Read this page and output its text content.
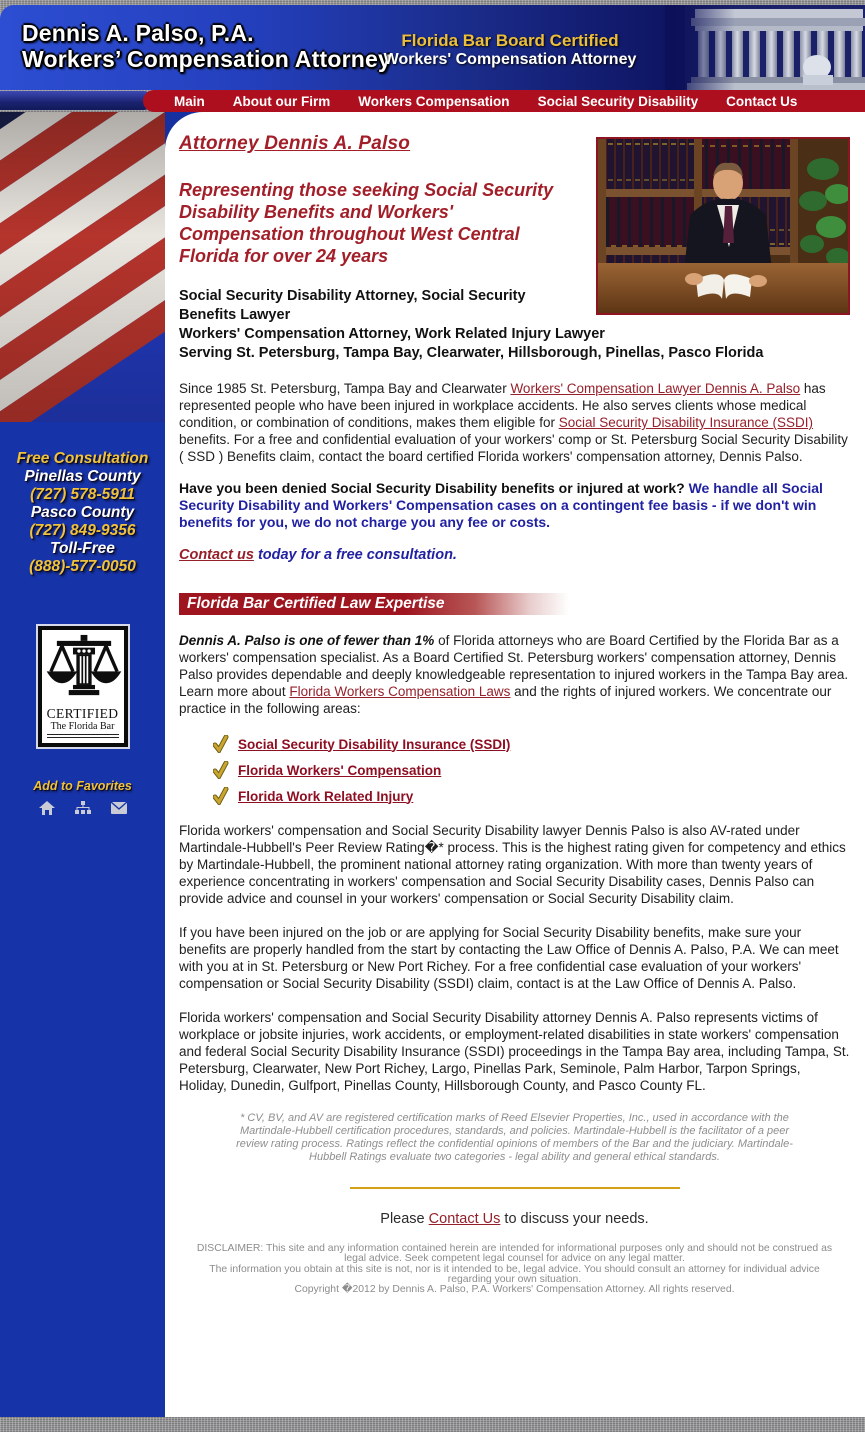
Dennis A. Palso, P.A.
Workers’ Compensation Attorney
Florida Bar Board Certified
Workers' Compensation Attorney
Main	About our Firm	Workers Compensation	Social Security Disability	Contact Us
Free Consultation
Pinellas County
(727) 578-5911
Pasco County
(727) 849-9356
Toll-Free
(888)-577-0050
CERTIFIED
The Florida Bar
Add to Favorites
Attorney Dennis A. Palso

Representing those seeking Social Security Disability Benefits and Workers' Compensation throughout West Central Florida for over 24 years

Social Security Disability Attorney, Social Security Benefits Lawyer
Workers' Compensation Attorney, Work Related Injury Lawyer
Serving St. Petersburg, Tampa Bay, Clearwater, Hillsborough, Pinellas, Pasco Florida

Since 1985 St. Petersburg, Tampa Bay and Clearwater Workers' Compensation Lawyer Dennis A. Palso has represented people who have been injured in workplace accidents. He also serves clients whose medical condition, or combination of conditions, makes them eligible for Social Security Disability Insurance (SSDI) benefits. For a free and confidential evaluation of your workers' comp or St. Petersburg Social Security Disability ( SSD ) Benefits claim, contact the board certified Florida workers' compensation attorney, Dennis Palso.

Have you been denied Social Security Disability benefits or injured at work? We handle all Social Security Disability and Workers' Compensation cases on a contingent fee basis - if we don't win benefits for you, we do not charge you any fee or costs.

Contact us today for a free consultation.

Florida Bar Certified Law Expertise

Dennis A. Palso is one of fewer than 1% of Florida attorneys who are Board Certified by the Florida Bar as a workers' compensation specialist. As a Board Certified St. Petersburg workers' compensation attorney, Dennis Palso provides dependable and deeply knowledgeable representation to injured workers in the Tampa Bay area. Learn more about Florida Workers Compensation Laws and the rights of injured workers. We concentrate our practice in the following areas:

Social Security Disability Insurance (SSDI)
Florida Workers' Compensation
Florida Work Related Injury

Florida workers' compensation and Social Security Disability lawyer Dennis Palso is also AV-rated under Martindale-Hubbell's Peer Review Rating�* process. This is the highest rating given for competency and ethics by Martindale-Hubbell, the prominent national attorney rating organization. With more than twenty years of experience concentrating in workers' compensation and Social Security Disability cases, Dennis Palso can provide advice and counsel in your workers' compensation or Social Security Disability claim.

If you have been injured on the job or are applying for Social Security Disability benefits, make sure your benefits are properly handled from the start by contacting the Law Office of Dennis A. Palso, P.A. We can meet with you at in St. Petersburg or New Port Richey. For a free confidential case evaluation of your workers' compensation or Social Security Disability (SSDI) claim, contact is at the Law Office of Dennis A. Palso.

Florida workers' compensation and Social Security Disability attorney Dennis A. Palso represents victims of workplace or jobsite injuries, work accidents, or employment-related disabilities in state workers' compensation and federal Social Security Disability Insurance (SSDI) proceedings in the Tampa Bay area, including Tampa, St. Petersburg, Clearwater, New Port Richey, Largo, Pinellas Park, Seminole, Palm Harbor, Tarpon Springs, Holiday, Dunedin, Gulfport, Pinellas County, Hillsborough County, and Pasco County FL.

* CV, BV, and AV are registered certification marks of Reed Elsevier Properties, Inc., used in accordance with the Martindale-Hubbell certification procedures, standards, and policies. Martindale-Hubbell is the facilitator of a peer review rating process. Ratings reflect the confidential opinions of members of the Bar and the judiciary. Martindale-Hubbell Ratings evaluate two categories - legal ability and general ethical standards.

Please Contact Us to discuss your needs.

DISCLAIMER: This site and any information contained herein are intended for informational purposes only and should not be construed as legal advice. Seek competent legal counsel for advice on any legal matter.

The information you obtain at this site is not, nor is it intended to be, legal advice. You should consult an attorney for individual advice regarding your own situation.

Copyright �2012 by Dennis A. Palso, P.A. Workers' Compensation Attorney. All rights reserved.
